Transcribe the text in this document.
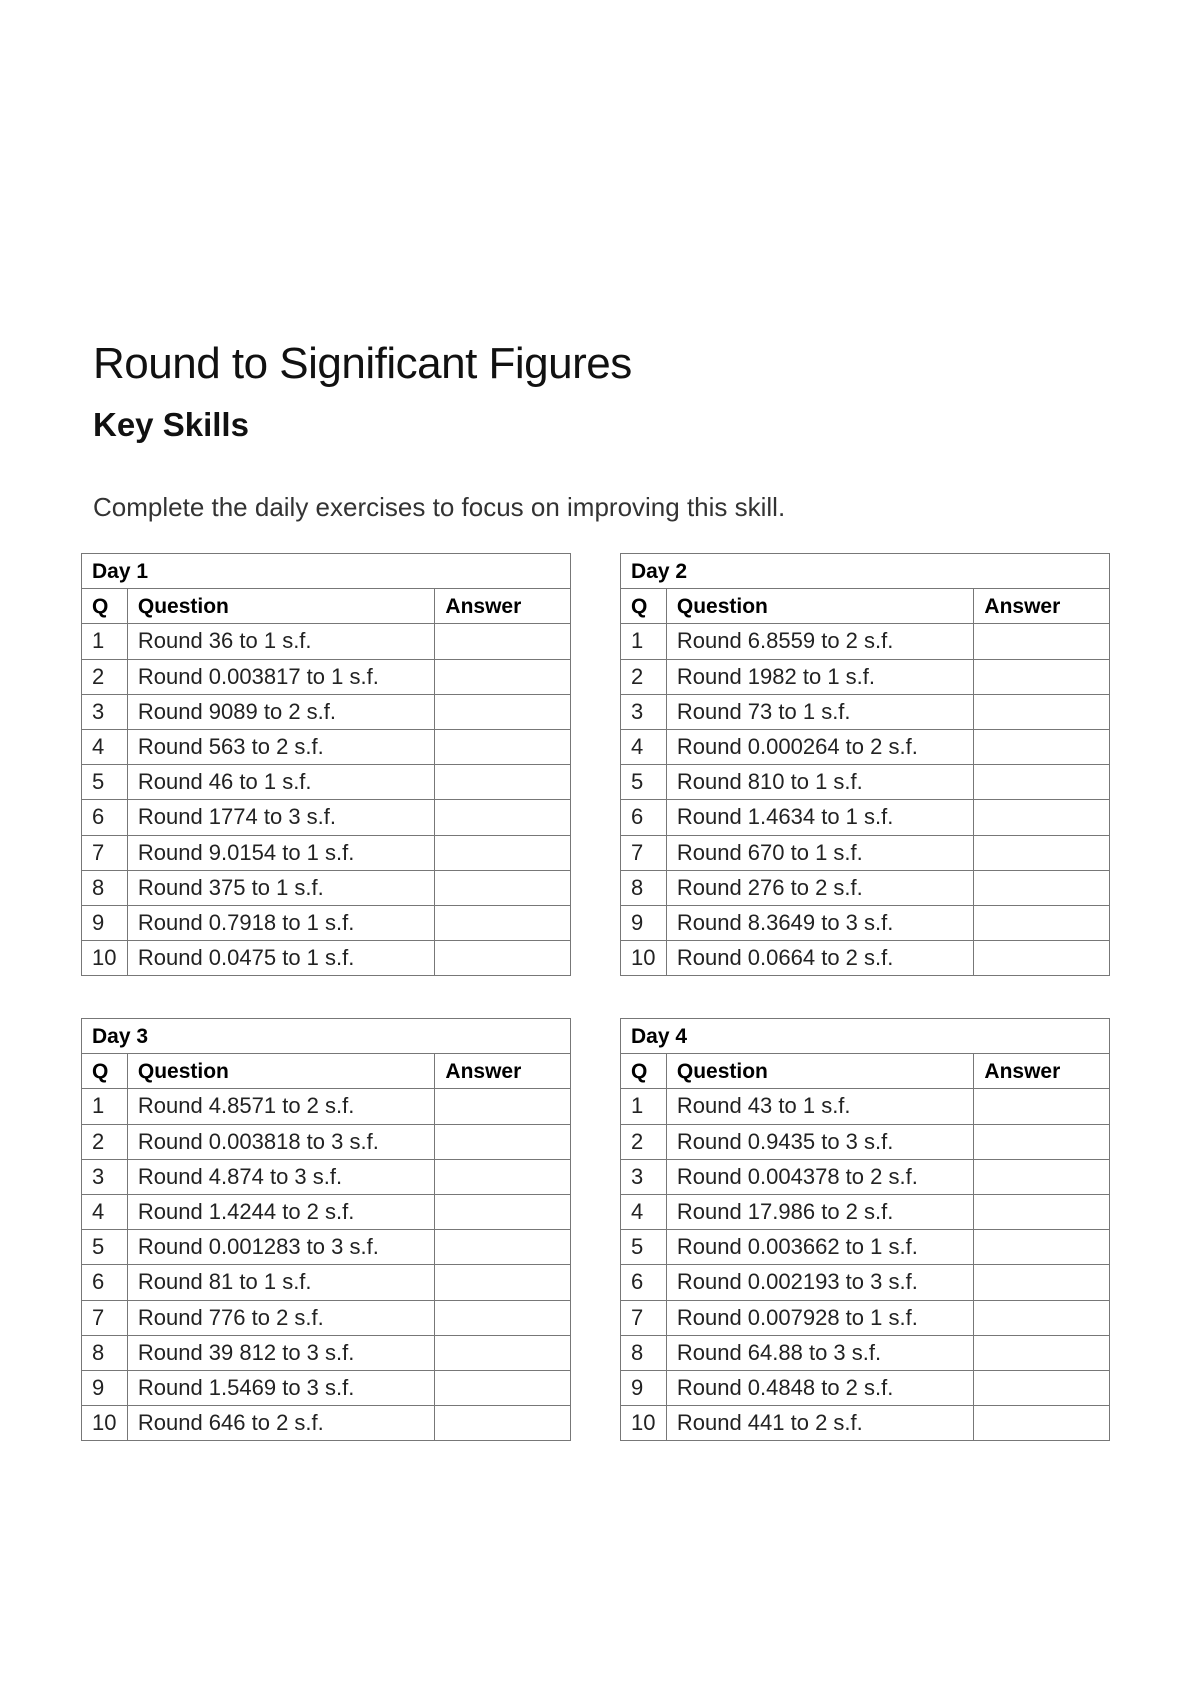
Round to Significant Figures
Key Skills

Complete the daily exercises to focus on improving this skill.

Day 1		
Q	Question	Answer
1	Round 36 to 1 s.f.	
2	Round 0.003817 to 1 s.f.	
3	Round 9089 to 2 s.f.	
4	Round 563 to 2 s.f.	
5	Round 46 to 1 s.f.	
6	Round 1774 to 3 s.f.	
7	Round 9.0154 to 1 s.f.	
8	Round 375 to 1 s.f.	
9	Round 0.7918 to 1 s.f.	
10	Round 0.0475 to 1 s.f.	
Day 2		
Q	Question	Answer
1	Round 6.8559 to 2 s.f.	
2	Round 1982 to 1 s.f.	
3	Round 73 to 1 s.f.	
4	Round 0.000264 to 2 s.f.	
5	Round 810 to 1 s.f.	
6	Round 1.4634 to 1 s.f.	
7	Round 670 to 1 s.f.	
8	Round 276 to 2 s.f.	
9	Round 8.3649 to 3 s.f.	
10	Round 0.0664 to 2 s.f.	
Day 3		
Q	Question	Answer
1	Round 4.8571 to 2 s.f.	
2	Round 0.003818 to 3 s.f.	
3	Round 4.874 to 3 s.f.	
4	Round 1.4244 to 2 s.f.	
5	Round 0.001283 to 3 s.f.	
6	Round 81 to 1 s.f.	
7	Round 776 to 2 s.f.	
8	Round 39 812 to 3 s.f.	
9	Round 1.5469 to 3 s.f.	
10	Round 646 to 2 s.f.	
Day 4		
Q	Question	Answer
1	Round 43 to 1 s.f.	
2	Round 0.9435 to 3 s.f.	
3	Round 0.004378 to 2 s.f.	
4	Round 17.986 to 2 s.f.	
5	Round 0.003662 to 1 s.f.	
6	Round 0.002193 to 3 s.f.	
7	Round 0.007928 to 1 s.f.	
8	Round 64.88 to 3 s.f.	
9	Round 0.4848 to 2 s.f.	
10	Round 441 to 2 s.f.	
